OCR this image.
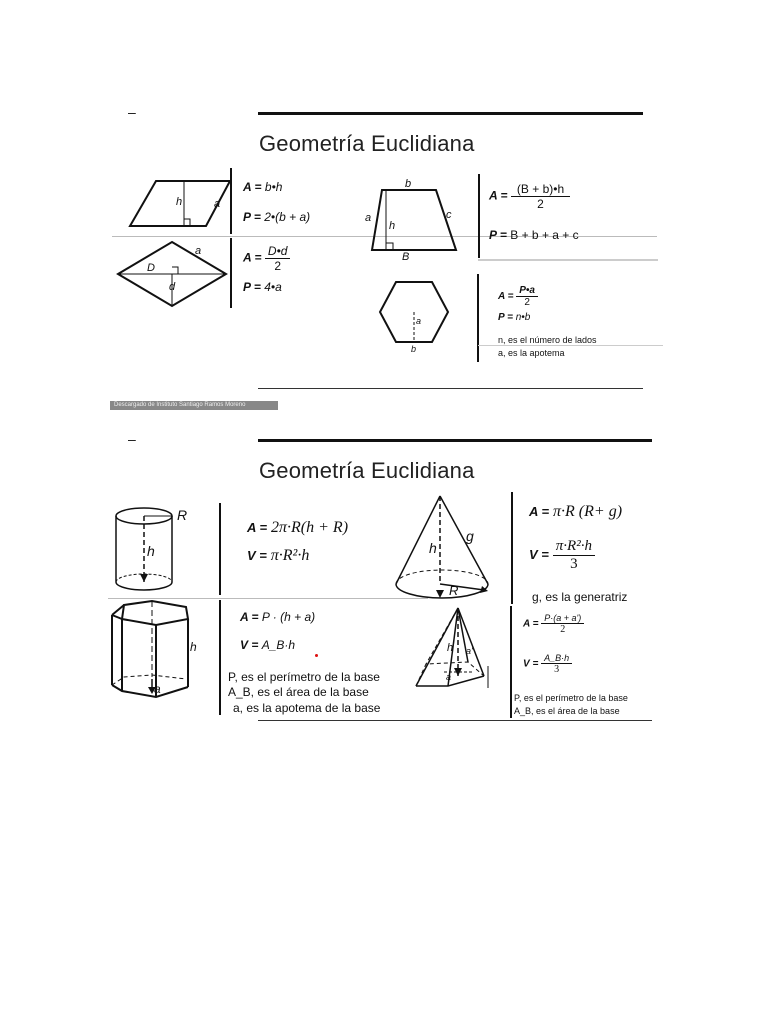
–
Geometría Euclidiana
h	a
A = b•h
P = 2•(b + a)
D
d
a	$A = \frac{D•d}{2}$
P = 4•a
b
a
h
c
B
$A = \frac{(B + b)•h}{2}$
P = B + b + a + c
a
b
$A = \frac{P•a}{2}$
P = n•b
n, es el número de lados
a, es la apotema
Descargado de Instituto Santiago Ramos Moreno
–
Geometría Euclidiana
R
h
A = 2π·R(h + R)
V = π·R²·h	h
g
R
A = π·R (R+ g)
$V = \frac{\text{π·R²·h}}{3}$
g, es la generatriz
h
a
A = P · (h + a)
V = A_B·h
P, es el perímetro de la base
A_B, es el área de la base
a, es la apotema de la base
h a'
a
$A = \frac{P\cdot(a + a')}{2}$
$V = \frac{A\_B\cdot h}{3}$
P, es el perímetro de la base
A_B, es el área de la base
